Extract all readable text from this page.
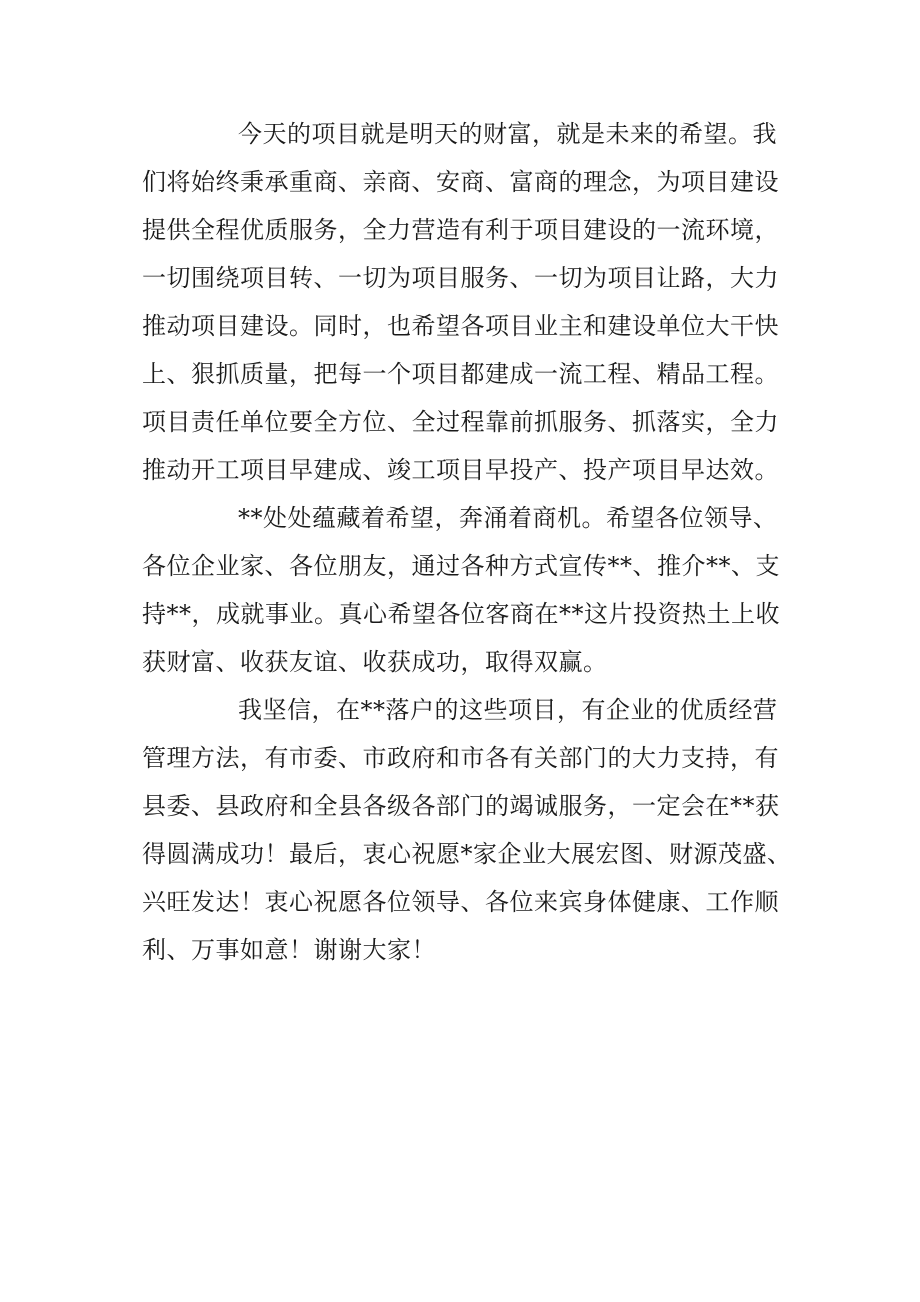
今天的项目就是明天的财富，就是未来的希望。我
们将始终秉承重商、亲商、安商、富商的理念，为项目建设
提供全程优质服务，全力营造有利于项目建设的一流环境，
一切围绕项目转、一切为项目服务、一切为项目让路，大力
推动项目建设。同时，也希望各项目业主和建设单位大干快
上、狠抓质量，把每一个项目都建成一流工程、精品工程。
项目责任单位要全方位、全过程靠前抓服务、抓落实，全力
推动开工项目早建成、竣工项目早投产、投产项目早达效。
**处处蕴藏着希望，奔涌着商机。希望各位领导、
各位企业家、各位朋友，通过各种方式宣传**、推介**、支
持**，成就事业。真心希望各位客商在**这片投资热土上收
获财富、收获友谊、收获成功，取得双赢。
我坚信，在**落户的这些项目，有企业的优质经营
管理方法，有市委、市政府和市各有关部门的大力支持，有
县委、县政府和全县各级各部门的竭诚服务，一定会在**获
得圆满成功！最后，衷心祝愿*家企业大展宏图、财源茂盛、
兴旺发达！衷心祝愿各位领导、各位来宾身体健康、工作顺
利、万事如意！谢谢大家！
